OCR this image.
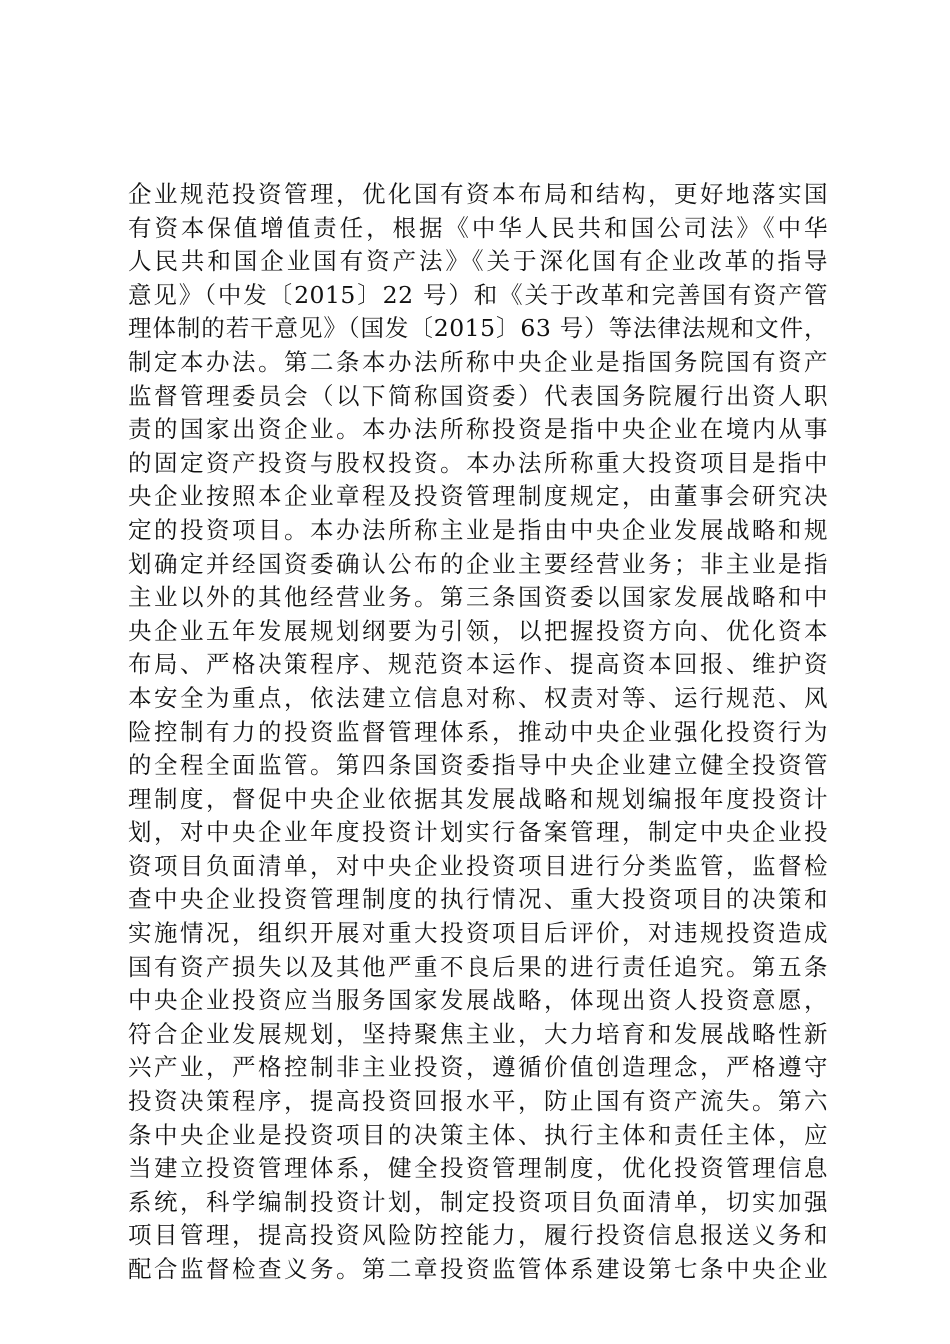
企业规范投资管理，优化国有资本布局和结构，更好地落实国
有资本保值增值责任，根据《中华人民共和国公司法》《中华
人民共和国企业国有资产法》《关于深化国有企业改革的指导
意见》（中发〔2015〕22 号）和《关于改革和完善国有资产管
理体制的若干意见》（国发〔2015〕63 号）等法律法规和文件，
制定本办法。第二条本办法所称中央企业是指国务院国有资产
监督管理委员会（以下简称国资委）代表国务院履行出资人职
责的国家出资企业。本办法所称投资是指中央企业在境内从事
的固定资产投资与股权投资。本办法所称重大投资项目是指中
央企业按照本企业章程及投资管理制度规定，由董事会研究决
定的投资项目。本办法所称主业是指由中央企业发展战略和规
划确定并经国资委确认公布的企业主要经营业务；非主业是指
主业以外的其他经营业务。第三条国资委以国家发展战略和中
央企业五年发展规划纲要为引领，以把握投资方向、优化资本
布局、严格决策程序、规范资本运作、提高资本回报、维护资
本安全为重点，依法建立信息对称、权责对等、运行规范、风
险控制有力的投资监督管理体系，推动中央企业强化投资行为
的全程全面监管。第四条国资委指导中央企业建立健全投资管
理制度，督促中央企业依据其发展战略和规划编报年度投资计
划，对中央企业年度投资计划实行备案管理，制定中央企业投
资项目负面清单，对中央企业投资项目进行分类监管，监督检
查中央企业投资管理制度的执行情况、重大投资项目的决策和
实施情况，组织开展对重大投资项目后评价，对违规投资造成
国有资产损失以及其他严重不良后果的进行责任追究。第五条
中央企业投资应当服务国家发展战略，体现出资人投资意愿，
符合企业发展规划，坚持聚焦主业，大力培育和发展战略性新
兴产业，严格控制非主业投资，遵循价值创造理念，严格遵守
投资决策程序，提高投资回报水平，防止国有资产流失。第六
条中央企业是投资项目的决策主体、执行主体和责任主体，应
当建立投资管理体系，健全投资管理制度，优化投资管理信息
系统，科学编制投资计划，制定投资项目负面清单，切实加强
项目管理，提高投资风险防控能力，履行投资信息报送义务和
配合监督检查义务。第二章投资监管体系建设第七条中央企业
